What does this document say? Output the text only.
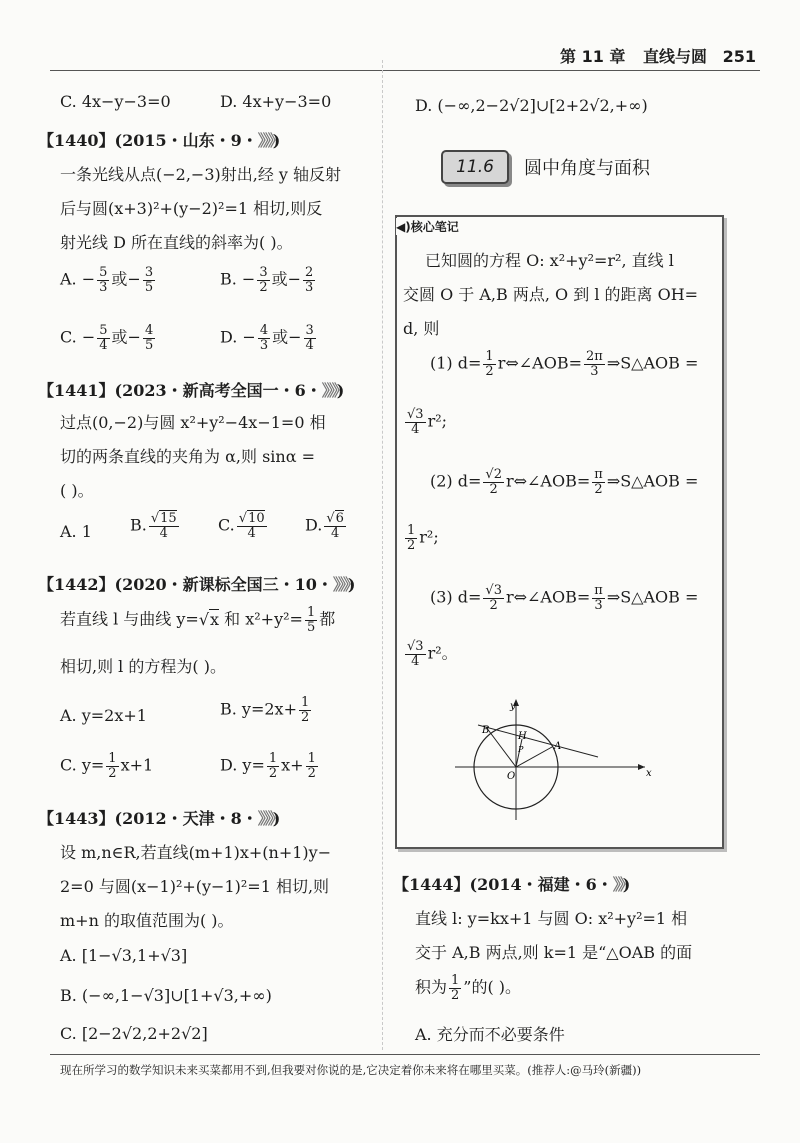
第 11 章 直线与圆 251
C. 4x−y−3=0	D. 4x+y−3=0
【1440】(2015・山东・9・》》》)
一条光线从点(−2,−3)射出,经 y 轴反射
后与圆(x+3)²+(y−2)²=1 相切,则反
射光线 D 所在直线的斜率为( )。
A. − $\frac{5}{3}$ 或− $\frac{3}{5}$	B. − $\frac{3}{2}$ 或− $\frac{2}{3}$
C. − $\frac{5}{4}$ 或− $\frac{4}{5}$	D. − $\frac{4}{3}$ 或− $\frac{3}{4}$
【1441】(2023・新高考全国一・6・》》》)
过点(0,−2)与圆 x²+y²−4x−1=0 相
切的两条直线的夹角为 α,则 sinα =
( )。
A. 1 B. √ $\frac{15}{4} C$. √ $\frac{10}{4} D$. √ $\frac{6}{4}$
【1442】(2020・新课标全国三・10・》》》)
若直线 l 与曲线 y= √ x 和 $x^2+y^2= \frac{1}{5}$ 都
相切,则 l 的方程为( )。
A. y=2x+1	B. $y=2x+ \frac{1}{2}$
C. $y= \frac{1}{2} x+1$	D. $y= \frac{1}{2} x+ \frac{1}{2}$
【1443】(2012・天津・8・》》》)
设 m,n∈R,若直线(m+1)x+(n+1)y−
2=0 与圆(x−1)²+(y−1)²=1 相切,则
m+n 的取值范围为( )。
A. [1−√3,1+√3]
B. (−∞,1−√3]∪[1+√3,+∞)
C. [2−2√2,2+2√2]
D. (−∞,2−2√2]∪[2+2√2,+∞)
11.6	圆中角度与面积
◀)核心笔记
已知圆的方程 O: x²+y²=r², 直线 l
交圆 O 于 A,B 两点, O 到 l 的距离 OH=
d, 则
(1) $d= \frac{1}{2}$ r⇔∠AOB= $\frac{2\pi}{3}$ ⇒S△AOB =
$\frac{√3}{4} r^2$;
(2) $d= \frac{√2}{2}$ r⇔∠AOB= $\frac{\pi}{2}$ ⇒S△AOB =
$\frac{1}{2} r^2$;
(3) $d= \frac{√3}{2}$ r⇔∠AOB= $\frac{\pi}{3}$ ⇒S△AOB =
$\frac{√3}{4} r^2$。
y
x
O
A
B
H
P
【1444】(2014・福建・6・》》)
直线 l: y=kx+1 与圆 O: x²+y²=1 相
交于 A,B 两点,则 k=1 是“△OAB 的面
积为 $\frac{1}{2}$ ”的( )。
A. 充分而不必要条件
现在所学习的数学知识未来买菜都用不到,但我要对你说的是,它决定着你未来将在哪里买菜。(推荐人:@马玲(新疆))
